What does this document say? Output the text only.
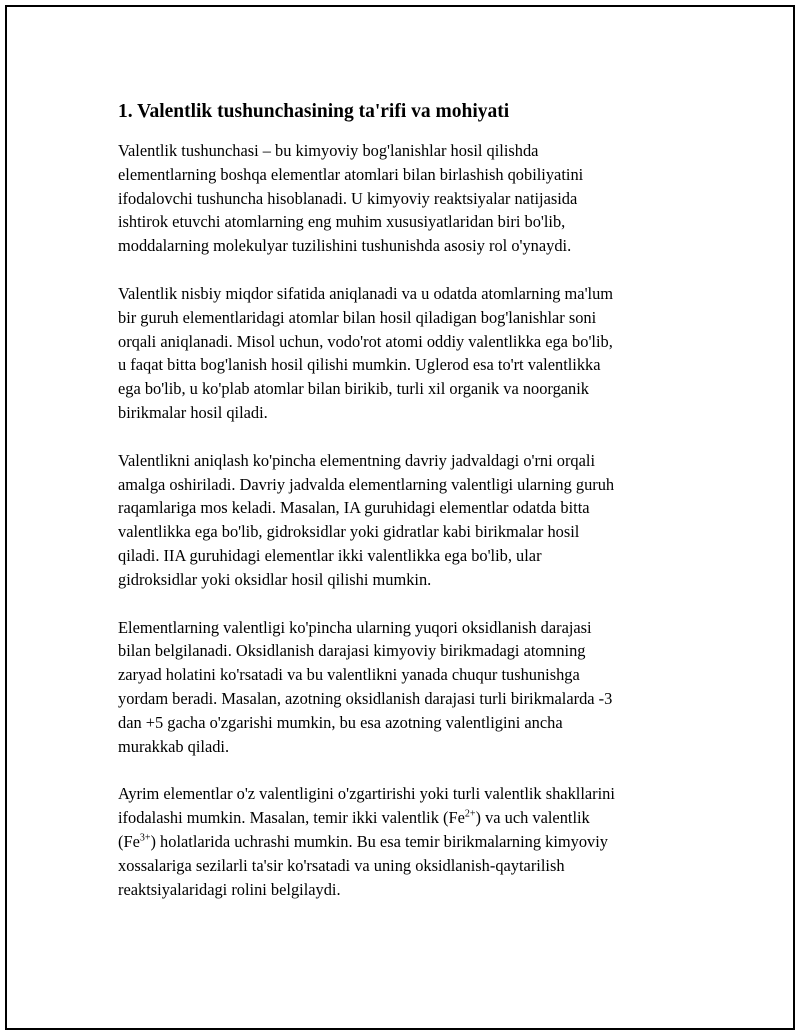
1. Valentlik tushunchasining ta'rifi va mohiyati

Valentlik tushunchasi – bu kimyoviy bog'lanishlar hosil qilishda
elementlarning boshqa elementlar atomlari bilan birlashish qobiliyatini
ifodalovchi tushuncha hisoblanadi. U kimyoviy reaktsiyalar natijasida
ishtirok etuvchi atomlarning eng muhim xususiyatlaridan biri bo'lib,
moddalarning molekulyar tuzilishini tushunishda asosiy rol o'ynaydi.

Valentlik nisbiy miqdor sifatida aniqlanadi va u odatda atomlarning ma'lum
bir guruh elementlaridagi atomlar bilan hosil qiladigan bog'lanishlar soni
orqali aniqlanadi. Misol uchun, vodo'rot atomi oddiy valentlikka ega bo'lib,
u faqat bitta bog'lanish hosil qilishi mumkin. Uglerod esa to'rt valentlikka
ega bo'lib, u ko'plab atomlar bilan birikib, turli xil organik va noorganik
birikmalar hosil qiladi.

Valentlikni aniqlash ko'pincha elementning davriy jadvaldagi o'rni orqali
amalga oshiriladi. Davriy jadvalda elementlarning valentligi ularning guruh
raqamlariga mos keladi. Masalan, IA guruhidagi elementlar odatda bitta
valentlikka ega bo'lib, gidroksidlar yoki gidratlar kabi birikmalar hosil
qiladi. IIA guruhidagi elementlar ikki valentlikka ega bo'lib, ular
gidroksidlar yoki oksidlar hosil qilishi mumkin.

Elementlarning valentligi ko'pincha ularning yuqori oksidlanish darajasi
bilan belgilanadi. Oksidlanish darajasi kimyoviy birikmadagi atomning
zaryad holatini ko'rsatadi va bu valentlikni yanada chuqur tushunishga
yordam beradi. Masalan, azotning oksidlanish darajasi turli birikmalarda -3
dan +5 gacha o'zgarishi mumkin, bu esa azotning valentligini ancha
murakkab qiladi.

Ayrim elementlar o'z valentligini o'zgartirishi yoki turli valentlik shakllarini
ifodalashi mumkin. Masalan, temir ikki valentlik $(Fe^{2+})$ va uch valentlik
$(Fe^{3+})$ holatlarida uchrashi mumkin. Bu esa temir birikmalarning kimyoviy
xossalariga sezilarli ta'sir ko'rsatadi va uning oksidlanish-qaytarilish
reaktsiyalaridagi rolini belgilaydi.
